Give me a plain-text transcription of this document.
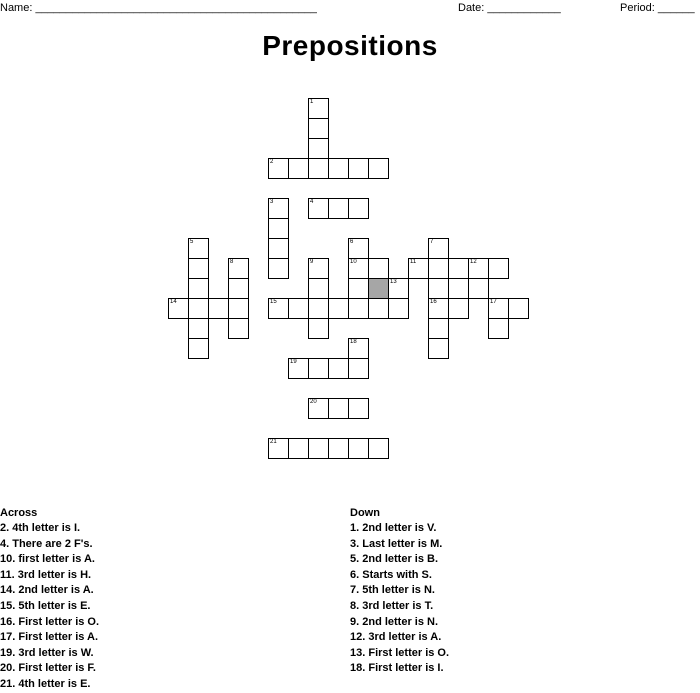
Name: ______________________________________________	Date: ____________	Period: ______
Prepositions
1
2
3	4
5	6	7
8	9	10	11	12
13
14	15	16	17
18
19
20
21
Across
2. 4th letter is I.
4. There are 2 F's.
10. first letter is A.
11. 3rd letter is H.
14. 2nd letter is A.
15. 5th letter is E.
16. First letter is O.
17. First letter is A.
19. 3rd letter is W.
20. First letter is F.
21. 4th letter is E.
Down
1. 2nd letter is V.
3. Last letter is M.
5. 2nd letter is B.
6. Starts with S.
7. 5th letter is N.
8. 3rd letter is T.
9. 2nd letter is N.
12. 3rd letter is A.
13. First letter is O.
18. First letter is I.
